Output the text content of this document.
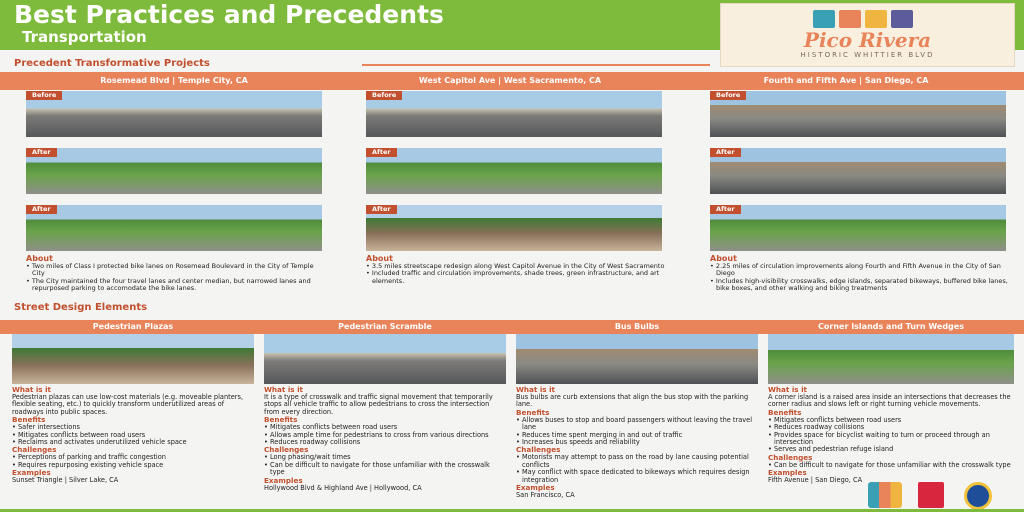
Best Practices and Precedents
Transportation	Pico Rivera
HISTORIC WHITTIER BLVD
Precedent Transformative Projects
Rosemead Blvd | Temple City, CA	West Capitol Ave | West Sacramento, CA	Fourth and Fifth Ave | San Diego, CA
Before
After
After
Before
After
After
Before
After
After
About
• Two miles of Class I protected bike lanes on Rosemead Boulevard in the City of Temple City
• The City maintained the four travel lanes and center median, but narrowed lanes and repurposed parking to accomodate the bike lanes.
About
• 3.5 miles streetscape redesign along West Capitol Avenue in the City of West Sacramento
• Included traffic and circulation improvements, shade trees, green infrastructure, and art elements.
About
• 2.25 miles of circulation improvements along Fourth and Fifth Avenue in the City of San Diego
• Includes high-visibility crosswalks, edge islands, separated bikeways, buffered bike lanes, bike boxes, and other walking and biking treatments
Street Design Elements
Pedestrian Plazas	Pedestrian Scramble	Bus Bulbs	Corner Islands and Turn Wedges
What is it
Pedestrian plazas can use low-cost materials (e.g. moveable planters, flexible seating, etc.) to quickly transform underutilized areas of roadways into public spaces.
Benefits
• Safer intersections
• Mitigates conflicts between road users
• Reclaims and activates underutilized vehicle space
Challenges
• Perceptions of parking and traffic congestion
• Requires repurposing existing vehicle space
Examples
Sunset Triangle | Silver Lake, CA
What is it
It is a type of crosswalk and traffic signal movement that temporarily stops all vehicle traffic to allow pedestrians to cross the intersection from every direction.
Benefits
• Mitigates conflicts between road users
• Allows ample time for pedestrians to cross from various directions
• Reduces roadway collisions
Challenges
• Long phasing/wait times
• Can be difficult to navigate for those unfamiliar with the crosswalk type
Examples
Hollywood Blvd & Highland Ave | Hollywood, CA
What is it
Bus bulbs are curb extensions that align the bus stop with the parking lane.
Benefits
• Allows buses to stop and board passengers without leaving the travel lane
• Reduces time spent merging in and out of traffic
• Increases bus speeds and reliability
Challenges
• Motorists may attempt to pass on the road by lane causing potential conflicts
• May conflict with space dedicated to bikeways which requires design integration
Examples
San Francisco, CA
What is it
A corner island is a raised area inside an intersections that decreases the corner radius and slows left or right turning vehicle movements.
Benefits
• Mitigates conflicts between road users
• Reduces roadway collisions
• Provides space for bicyclist waiting to turn or proceed through an intersection
• Serves and pedestrian refuge island
Challenges
• Can be difficult to navigate for those unfamiliar with the crosswalk type
Examples
Fifth Avenue | San Diego, CA
